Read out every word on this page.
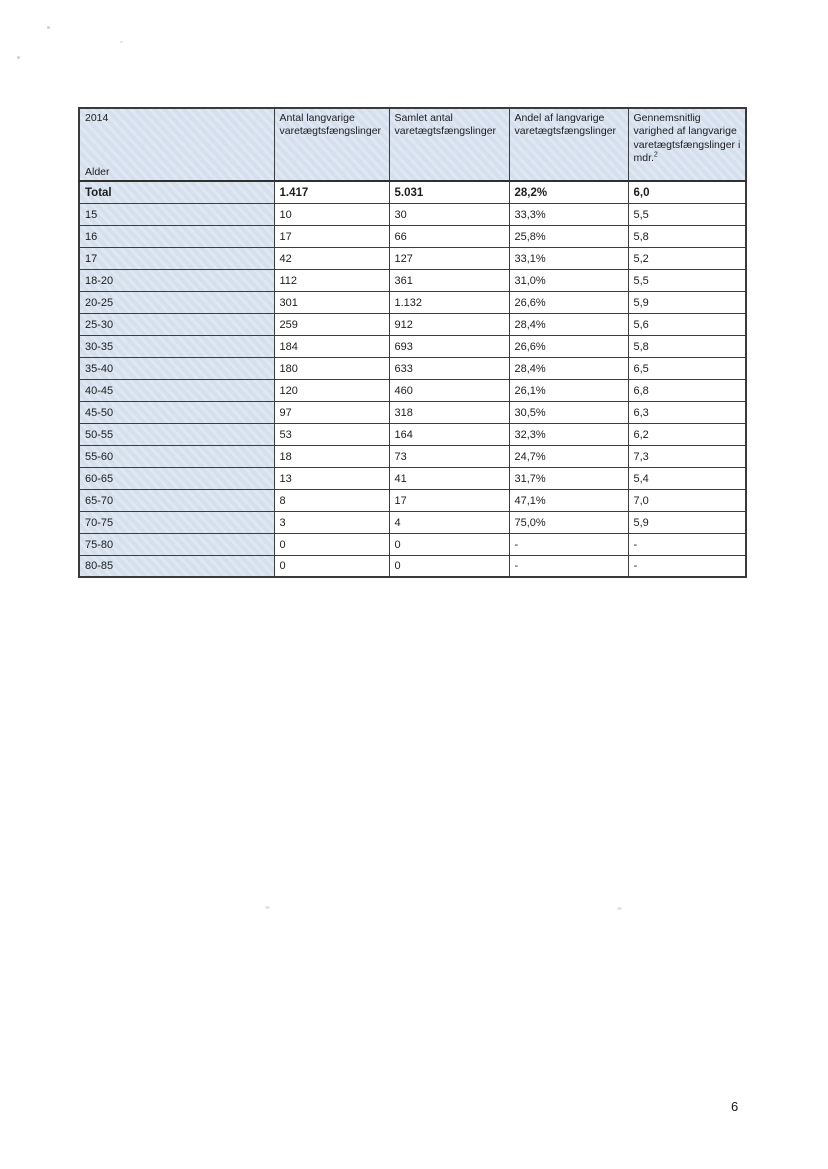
2014
Alder	Antal langvarige varetægtsfængslinger	Samlet antal varetægtsfængslinger	Andel af langvarige varetægtsfængslinger	Gennemsnitlig varighed af langvarige varetægtsfængslinger i mdr.$^2$
Total	1.417	5.031	28,2%	6,0
15	10	30	33,3%	5,5
16	17	66	25,8%	5,8
17	42	127	33,1%	5,2
18-20	112	361	31,0%	5,5
20-25	301	1.132	26,6%	5,9
25-30	259	912	28,4%	5,6
30-35	184	693	26,6%	5,8
35-40	180	633	28,4%	6,5
40-45	120	460	26,1%	6,8
45-50	97	318	30,5%	6,3
50-55	53	164	32,3%	6,2
55-60	18	73	24,7%	7,3
60-65	13	41	31,7%	5,4
65-70	8	17	47,1%	7,0
70-75	3	4	75,0%	5,9
75-80	0	0	-	-
80-85	0	0	-	-
6
